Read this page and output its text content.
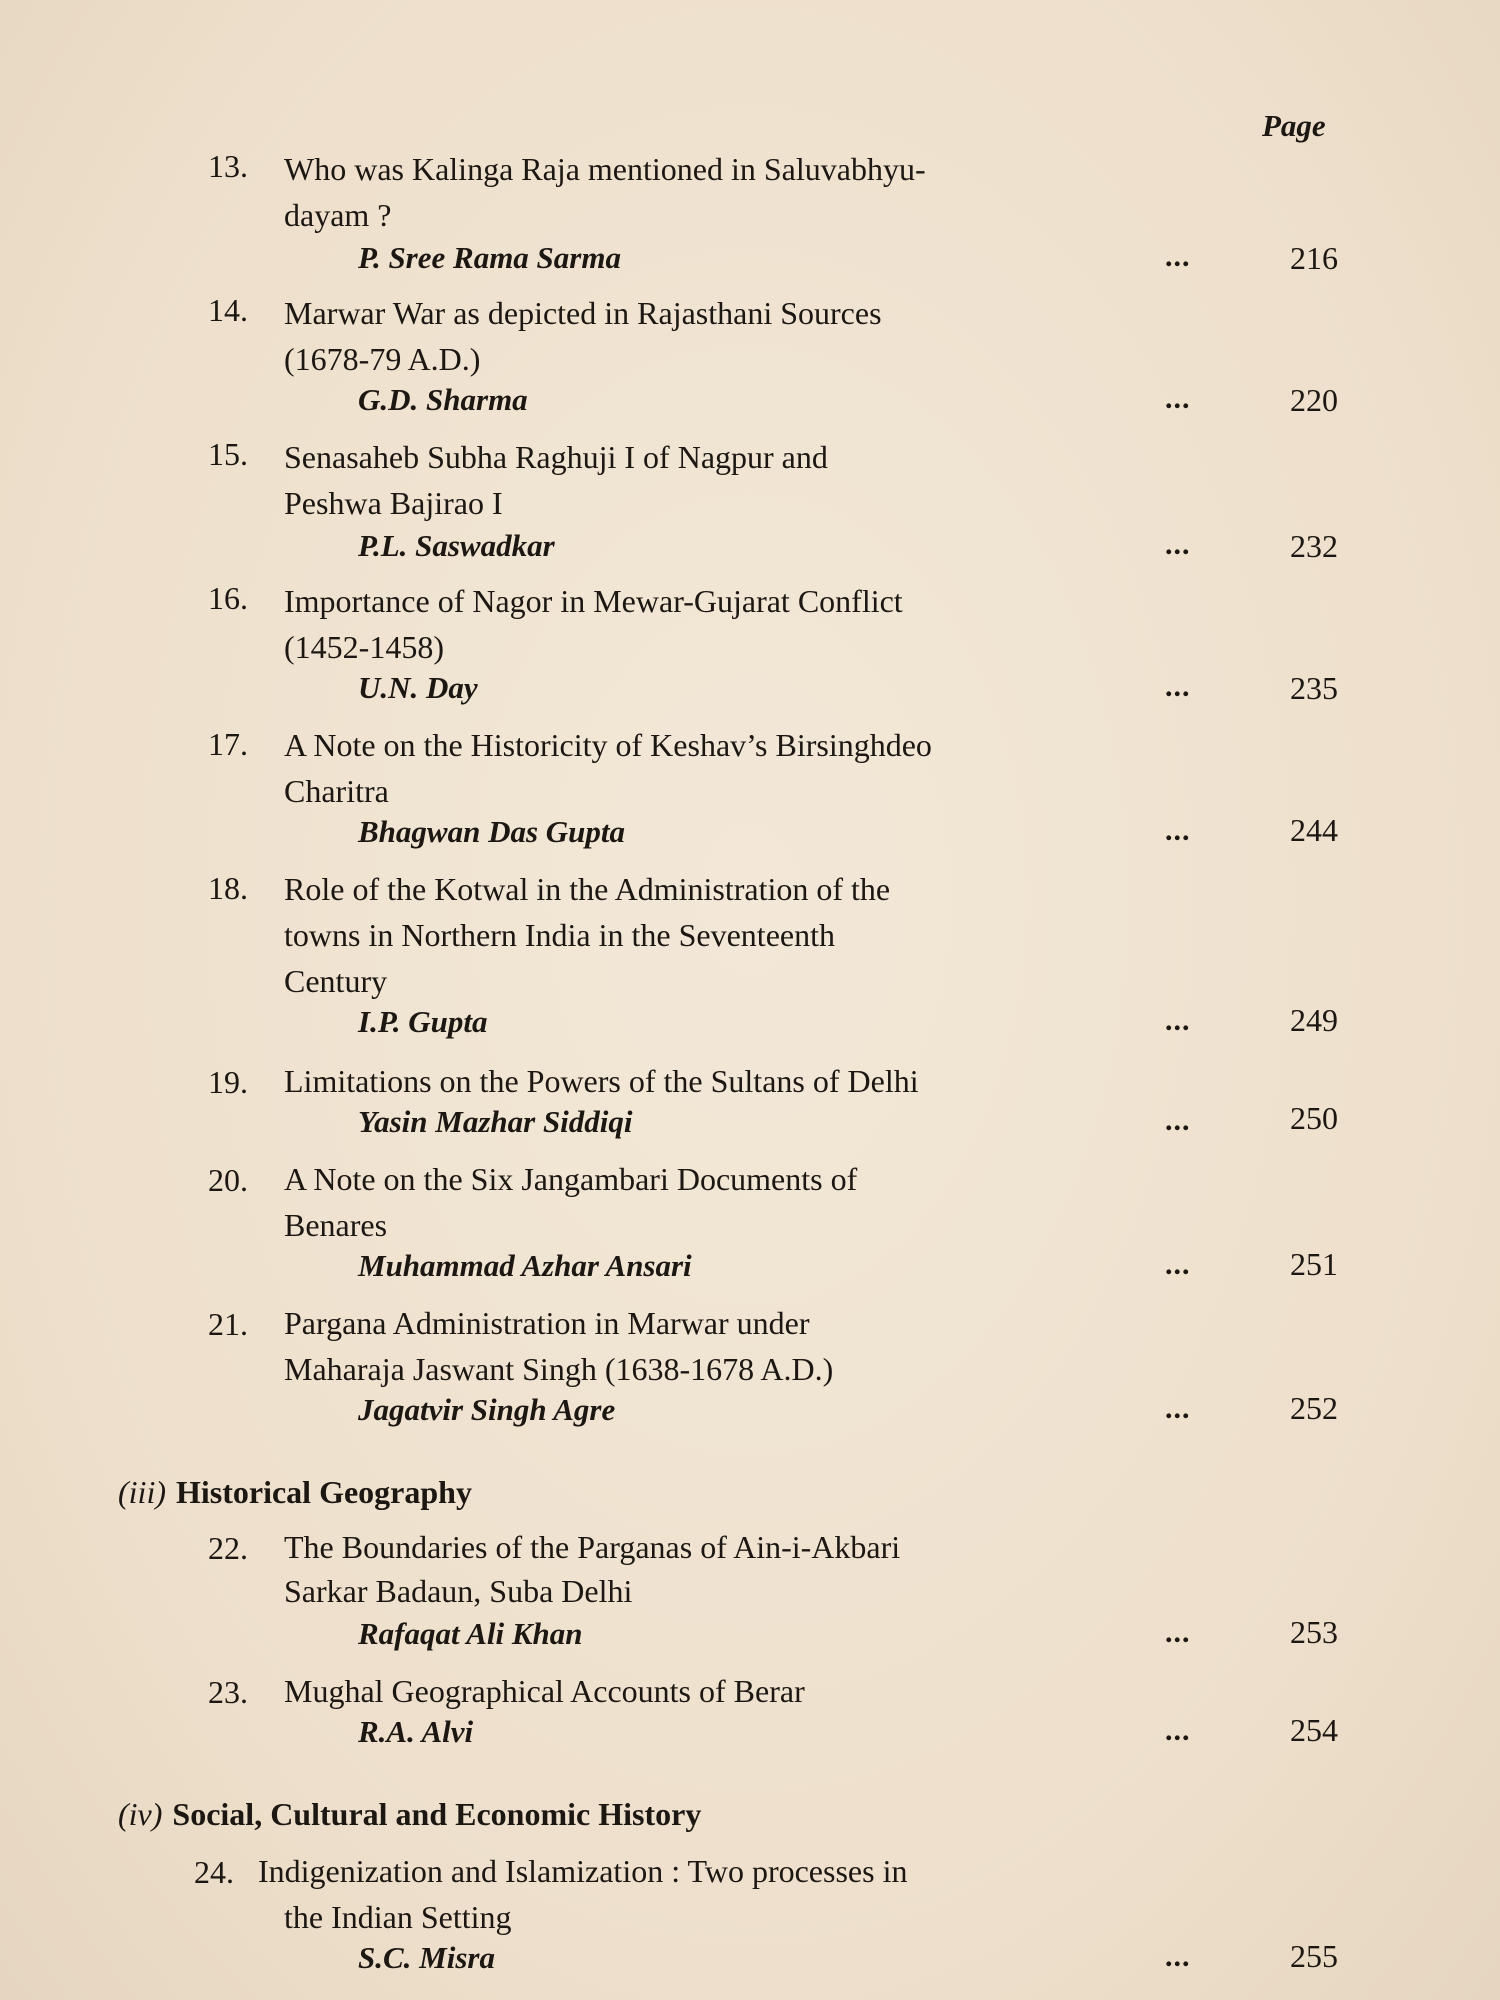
Page
13. Who was Kalinga Raja mentioned in Saluvabhyu-
dayam ?
P. Sree Rama Sarma	...	216
14. Marwar War as depicted in Rajasthani Sources
(1678-79 A.D.)
G.D. Sharma	...	220
15. Senasaheb Subha Raghuji I of Nagpur and
Peshwa Bajirao I
P.L. Saswadkar	...	232
16. Importance of Nagor in Mewar-Gujarat Conflict
(1452-1458)
U.N. Day	...	235
17. A Note on the Historicity of Keshav’s Birsinghdeo
Charitra
Bhagwan Das Gupta	...	244
18. Role of the Kotwal in the Administration of the
towns in Northern India in the Seventeenth
Century
I.P. Gupta	...	249
19. Limitations on the Powers of the Sultans of Delhi
Yasin Mazhar Siddiqi	...	250
20. A Note on the Six Jangambari Documents of
Benares
Muhammad Azhar Ansari	...	251
21. Pargana Administration in Marwar under
Maharaja Jaswant Singh (1638-1678 A.D.)
Jagatvir Singh Agre	...	252
(iii) Historical Geography
22. The Boundaries of the Parganas of Ain-i-Akbari
Sarkar Badaun, Suba Delhi
Rafaqat Ali Khan	...	253
23. Mughal Geographical Accounts of Berar
R.A. Alvi	...	254
(iv) Social, Cultural and Economic History
24. Indigenization and Islamization : Two processes in
the Indian Setting
S.C. Misra	...	255
